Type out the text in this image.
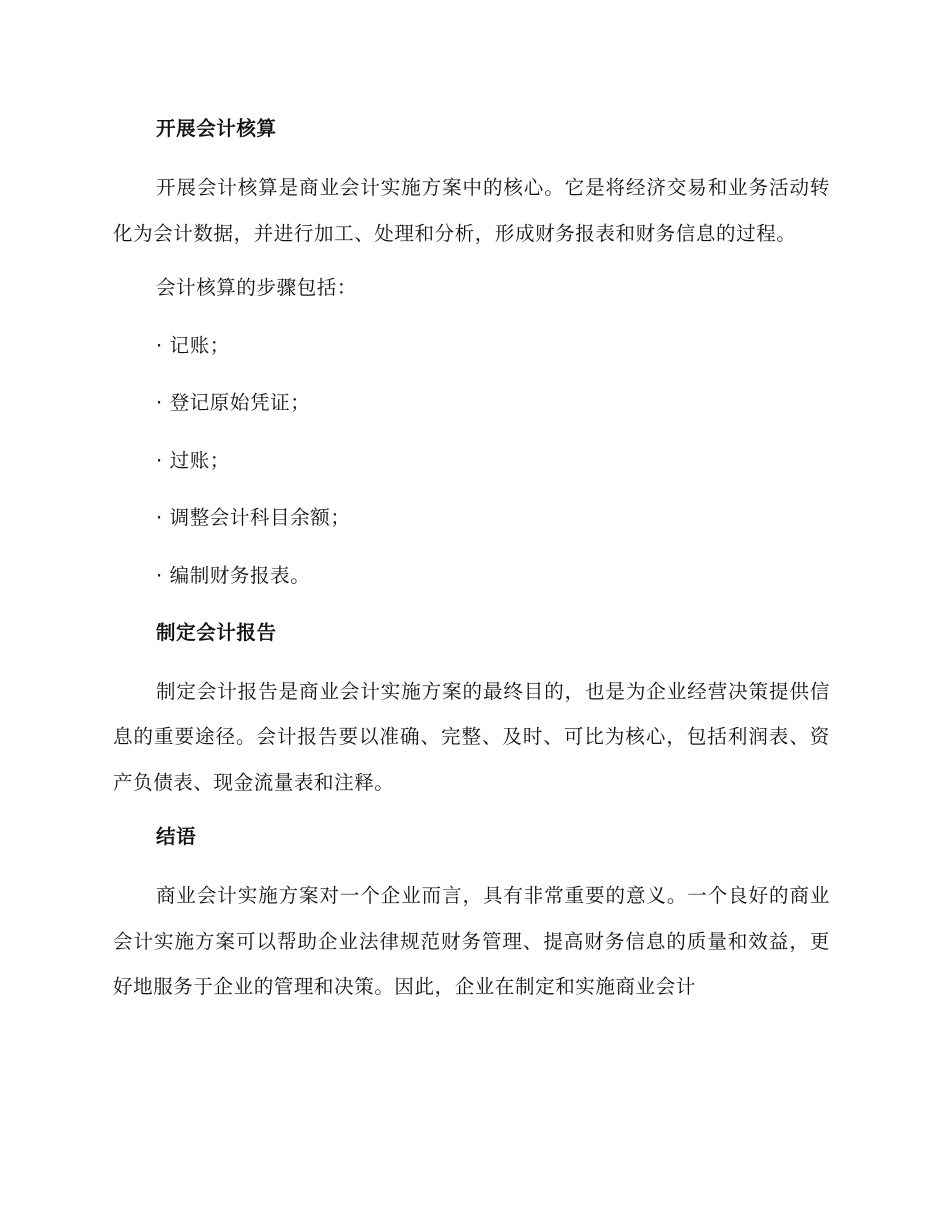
开展会计核算

开展会计核算是商业会计实施方案中的核心。它是将经济交易和业务活动转化为会计数据，并进行加工、处理和分析，形成财务报表和财务信息的过程。

会计核算的步骤包括：

· 记账；

· 登记原始凭证；

· 过账；

· 调整会计科目余额；

· 编制财务报表。

制定会计报告

制定会计报告是商业会计实施方案的最终目的，也是为企业经营决策提供信息的重要途径。会计报告要以准确、完整、及时、可比为核心，包括利润表、资产负债表、现金流量表和注释。

结语

商业会计实施方案对一个企业而言，具有非常重要的意义。一个良好的商业会计实施方案可以帮助企业法律规范财务管理、提高财务信息的质量和效益，更好地服务于企业的管理和决策。因此，企业在制定和实施商业会计
